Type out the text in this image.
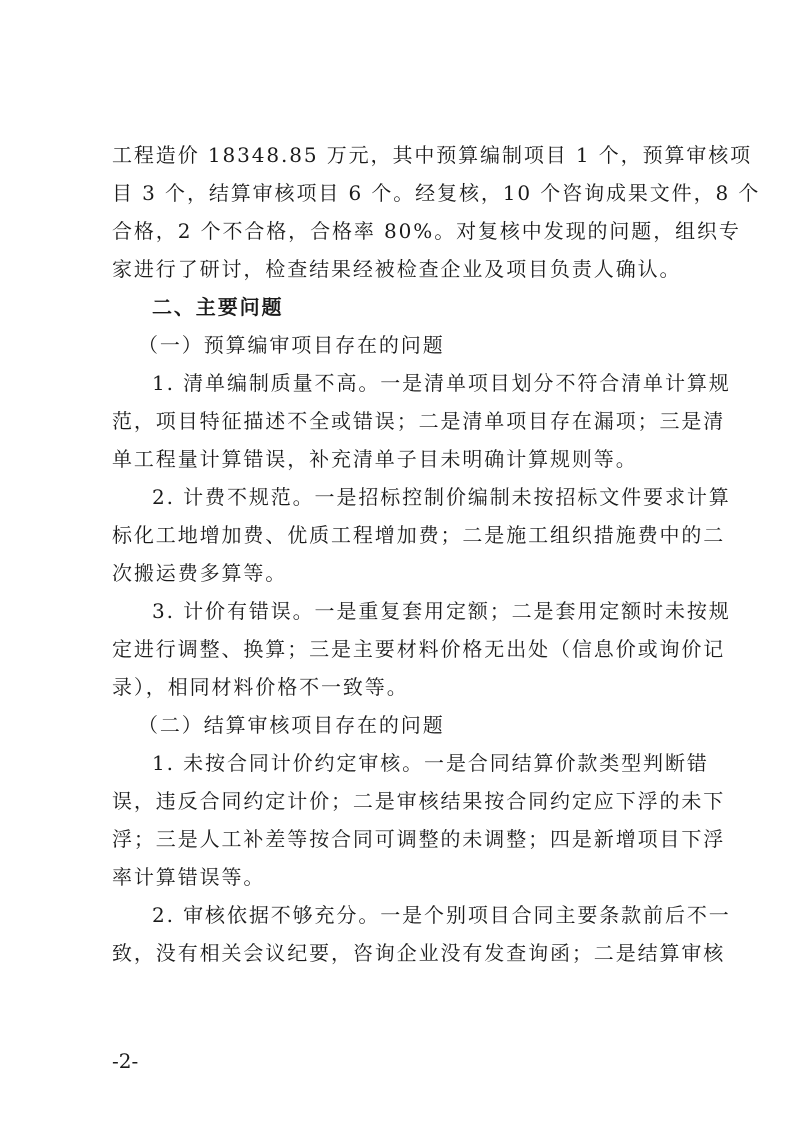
工程造价 18348.85 万元，其中预算编制项目 1 个，预算审核项
目 3 个，结算审核项目 6 个。经复核，10 个咨询成果文件，8 个
合格，2 个不合格，合格率 80%。对复核中发现的问题，组织专
家进行了研讨，检查结果经被检查企业及项目负责人确认。
二、主要问题
（一）预算编审项目存在的问题
1. 清单编制质量不高。一是清单项目划分不符合清单计算规
范，项目特征描述不全或错误；二是清单项目存在漏项；三是清
单工程量计算错误，补充清单子目未明确计算规则等。
2. 计费不规范。一是招标控制价编制未按招标文件要求计算
标化工地增加费、优质工程增加费；二是施工组织措施费中的二
次搬运费多算等。
3. 计价有错误。一是重复套用定额；二是套用定额时未按规
定进行调整、换算；三是主要材料价格无出处（信息价或询价记
录），相同材料价格不一致等。
（二）结算审核项目存在的问题
1. 未按合同计价约定审核。一是合同结算价款类型判断错
误，违反合同约定计价；二是审核结果按合同约定应下浮的未下
浮；三是人工补差等按合同可调整的未调整；四是新增项目下浮
率计算错误等。
2. 审核依据不够充分。一是个别项目合同主要条款前后不一
致，没有相关会议纪要，咨询企业没有发查询函；二是结算审核
-2-
